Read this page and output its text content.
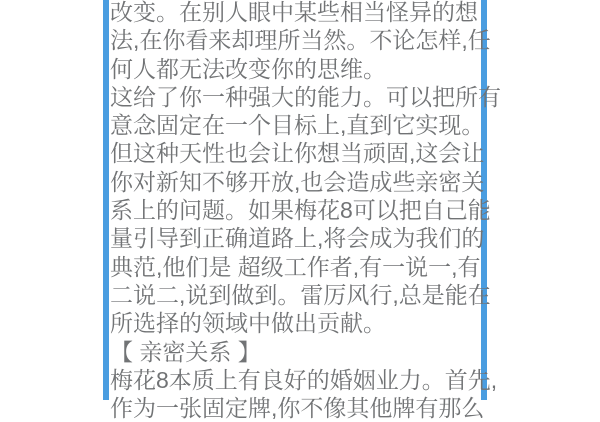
改变。在别人眼中某些相当怪异的想
法,在你看来却理所当然。不论怎样,任
何人都无法改变你的思维。
这给了你一种强大的能力。可以把所有
意念固定在一个目标上,直到它实现。
但这种天性也会让你想当顽固,这会让
你对新知不够开放,也会造成些亲密关
系上的问题。如果梅花8可以把自己能
量引导到正确道路上,将会成为我们的
典范,他们是 超级工作者,有一说一,有
二说二,说到做到。雷厉风行,总是能在
所选择的领域中做出贡献。
【 亲密关系 】
梅花8本质上有良好的婚姻业力。首先,
作为一张固定牌,你不像其他牌有那么
